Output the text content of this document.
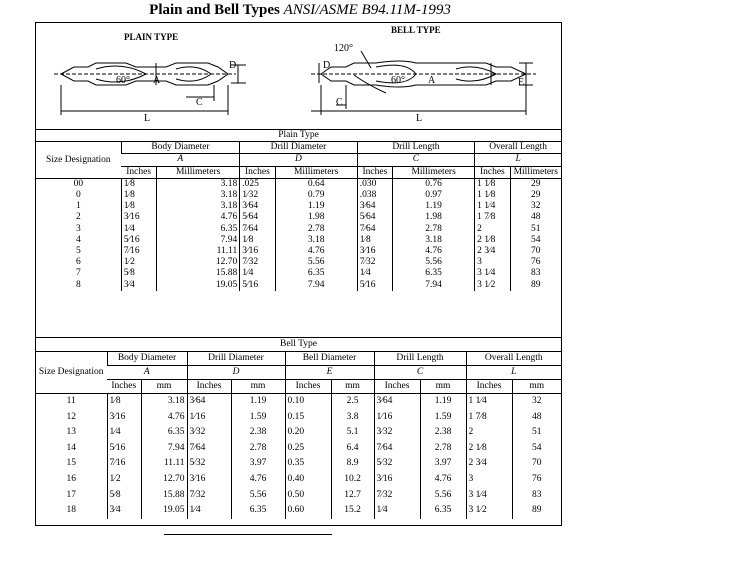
Plain and Bell Types ANSI/ASME B94.11M-1993
PLAIN TYPE
BELL TYPE
60°	60°
120°
A	A
C	C
D	D
L	L
E
Plain Type								
Size Designation	Body Diameter		Drill Diameter		Drill Length		Overall Length	
	A		D		C		L	
	Inches	Millimeters	Inches	Millimeters	Inches	Millimeters	Inches	Millimeters
00	1⁄8	3.18	.025	0.64	.030	0.76	1 1⁄8	29
0	1⁄8	3.18	1⁄32	0.79	.038	0.97	1 1⁄8	29
1	1⁄8	3.18	3⁄64	1.19	3⁄64	1.19	1 1⁄4	32
2	3⁄16	4.76	5⁄64	1.98	5⁄64	1.98	1 7⁄8	48
3	1⁄4	6.35	7⁄64	2.78	7⁄64	2.78	2	51
4	5⁄16	7.94	1⁄8	3.18	1⁄8	3.18	2 1⁄8	54
5	7⁄16	11.11	3⁄16	4.76	3⁄16	4.76	2 3⁄4	70
6	1⁄2	12.70	7⁄32	5.56	7⁄32	5.56	3	76
7	5⁄8	15.88	1⁄4	6.35	1⁄4	6.35	3 1⁄4	83
8	3⁄4	19.05	5⁄16	7.94	5⁄16	7.94	3 1⁄2	89
Bell Type										
Size Designation	Body Diameter		Drill Diameter		Bell Diameter		Drill Length		Overall Length	
	A		D		E		C		L	
	Inches	mm	Inches	mm	Inches	mm	Inches	mm	Inches	mm
11	1⁄8	3.18	3⁄64	1.19	0.10	2.5	3⁄64	1.19	1 1⁄4	32
12	3⁄16	4.76	1⁄16	1.59	0.15	3.8	1⁄16	1.59	1 7⁄8	48
13	1⁄4	6.35	3⁄32	2.38	0.20	5.1	3⁄32	2.38	2	51
14	5⁄16	7.94	7⁄64	2.78	0.25	6.4	7⁄64	2.78	2 1⁄8	54
15	7⁄16	11.11	5⁄32	3.97	0.35	8.9	5⁄32	3.97	2 3⁄4	70
16	1⁄2	12.70	3⁄16	4.76	0.40	10.2	3⁄16	4.76	3	76
17	5⁄8	15.88	7⁄32	5.56	0.50	12.7	7⁄32	5.56	3 1⁄4	83
18	3⁄4	19.05	1⁄4	6.35	0.60	15.2	1⁄4	6.35	3 1⁄2	89
